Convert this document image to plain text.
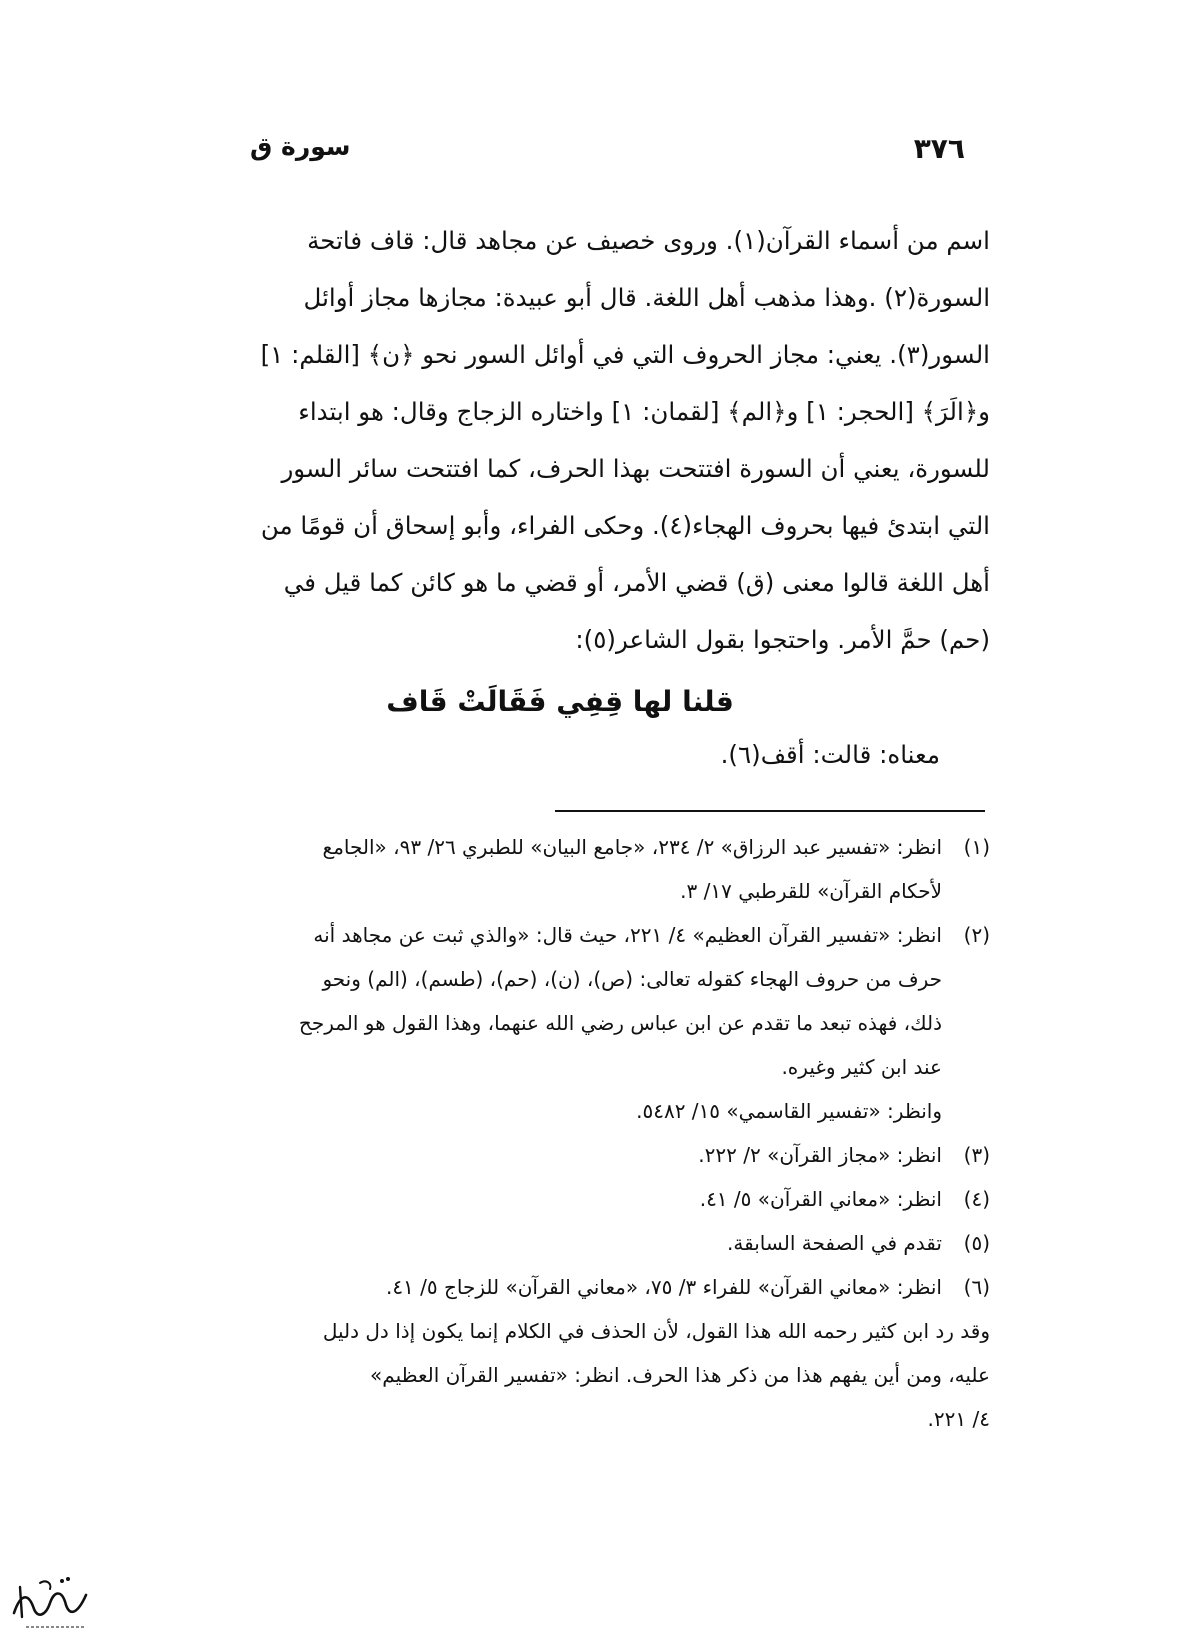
٣٧٦
سورة ق
اسم من أسماء القرآن(١). وروى خصيف عن مجاهد قال: قاف فاتحة
السورة(٢) .وهذا مذهب أهل اللغة. قال أبو عبيدة: مجازها مجاز أوائل
السور(٣). يعني: مجاز الحروف التي في أوائل السور نحو ﴿ن﴾ [القلم: ١]
و﴿الَرَ﴾ [الحجر: ١] و﴿الم﴾ [لقمان: ١] واختاره الزجاج وقال: هو ابتداء
للسورة، يعني أن السورة افتتحت بهذا الحرف، كما افتتحت سائر السور
التي ابتدئ فيها بحروف الهجاء(٤). وحكى الفراء، وأبو إسحاق أن قومًا من
أهل اللغة قالوا معنى (ق) قضي الأمر، أو قضي ما هو كائن كما قيل في
(حم) حمَّ الأمر. واحتجوا بقول الشاعر(٥):
قلنا لها قِفِي فَقَالَتْ قَاف
معناه: قالت: أقف(٦).
(١)
انظر: «تفسير عبد الرزاق» ٢/ ٢٣٤، «جامع البيان» للطبري ٢٦/ ٩٣، «الجامع
لأحكام القرآن» للقرطبي ١٧/ ٣.
(٢)
انظر: «تفسير القرآن العظيم» ٤/ ٢٢١، حيث قال: «والذي ثبت عن مجاهد أنه
حرف من حروف الهجاء كقوله تعالى: (ص)، (ن)، (حم)، (طسم)، (الم) ونحو
ذلك، فهذه تبعد ما تقدم عن ابن عباس رضي الله عنهما، وهذا القول هو المرجح
عند ابن كثير وغيره.
وانظر: «تفسير القاسمي» ١٥/ ٥٤٨٢.
(٣)
انظر: «مجاز القرآن» ٢/ ٢٢٢.
(٤)
انظر: «معاني القرآن» ٥/ ٤١.
(٥)
تقدم في الصفحة السابقة.
(٦)
انظر: «معاني القرآن» للفراء ٣/ ٧٥، «معاني القرآن» للزجاج ٥/ ٤١.
وقد رد ابن كثير رحمه الله هذا القول، لأن الحذف في الكلام إنما يكون إذا دل دليل
عليه، ومن أين يفهم هذا من ذكر هذا الحرف. انظر: «تفسير القرآن العظيم»
٤/ ٢٢١.
